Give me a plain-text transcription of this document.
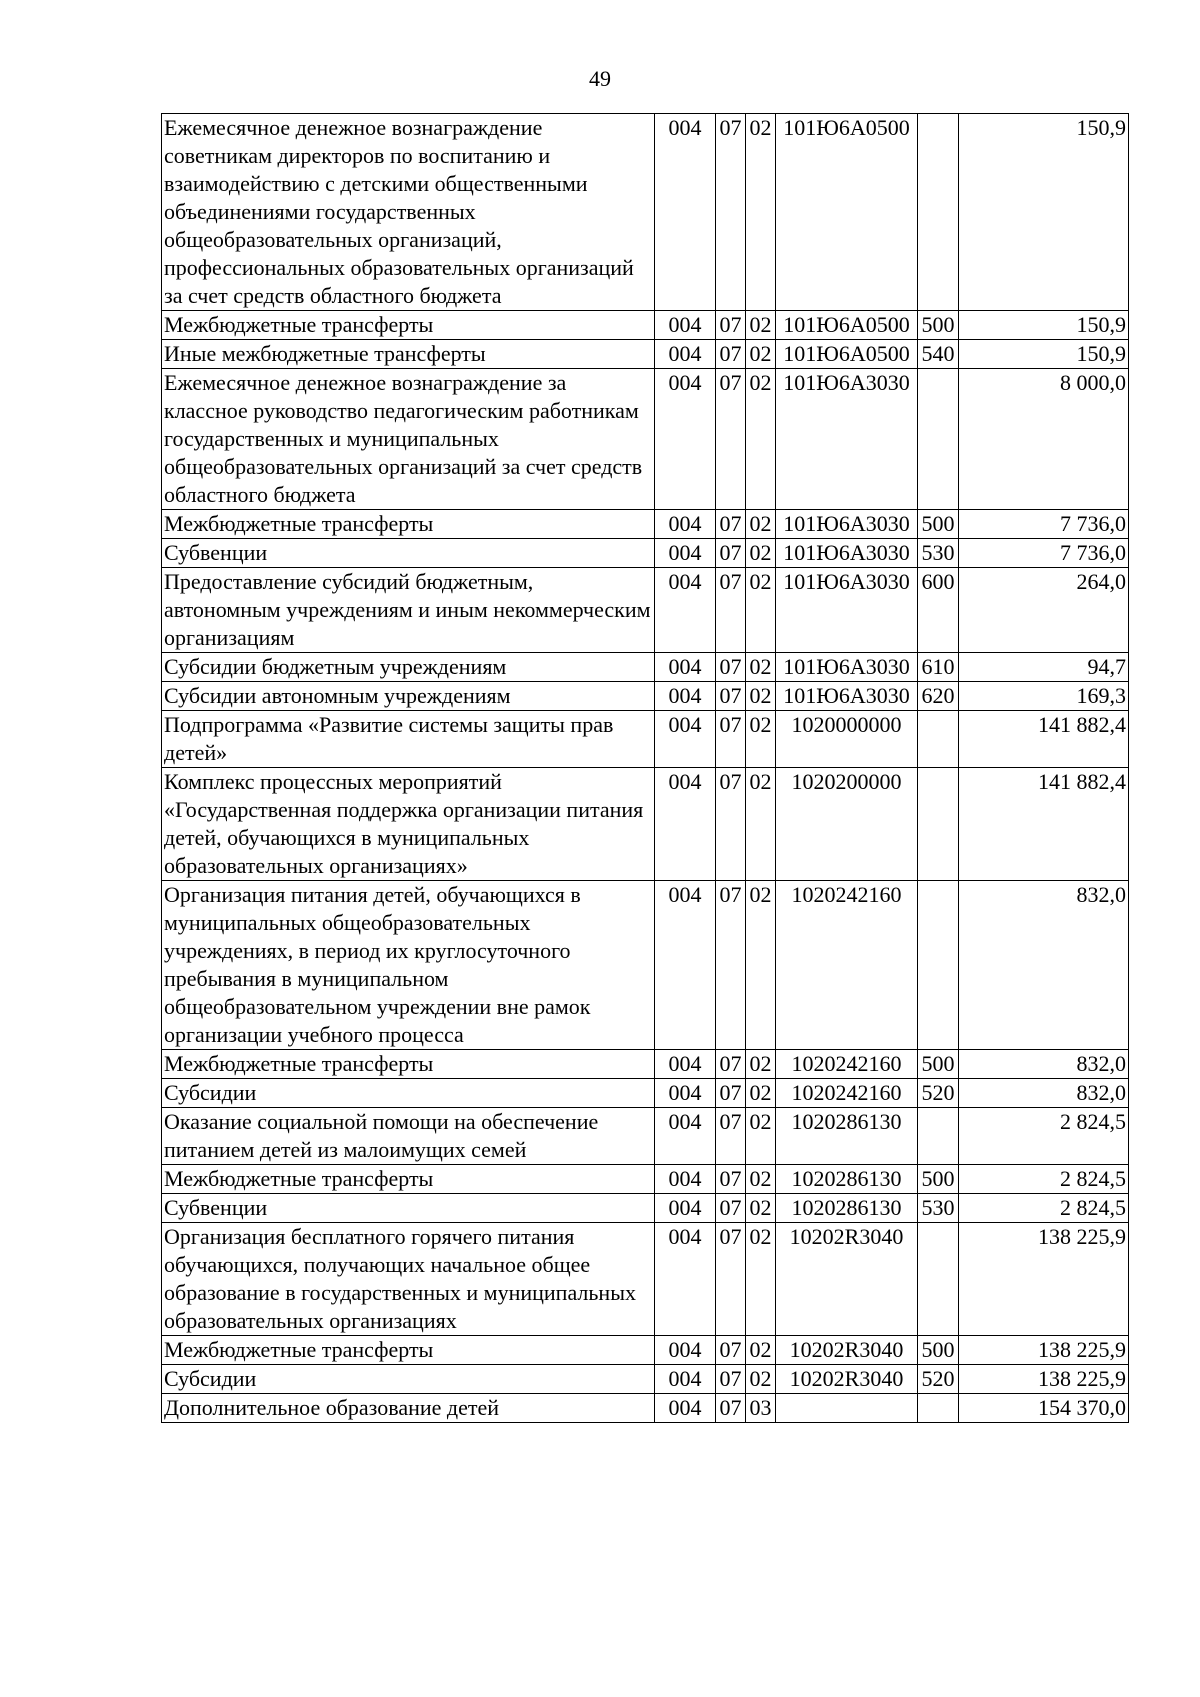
49
Ежемесячное денежное вознаграждение советникам директоров по воспитанию и взаимодействию с детскими общественными объединениями государственных общеобразовательных организаций, профессиональных образовательных организаций за счет средств областного бюджета	004	07	02	101Ю6А0500		150,9
Межбюджетные трансферты	004	07	02	101Ю6А0500	500	150,9
Иные межбюджетные трансферты	004	07	02	101Ю6А0500	540	150,9
Ежемесячное денежное вознаграждение за классное руководство педагогическим работникам государственных и муниципальных общеобразовательных организаций за счет средств областного бюджета	004	07	02	101Ю6А3030		8 000,0
Межбюджетные трансферты	004	07	02	101Ю6А3030	500	7 736,0
Субвенции	004	07	02	101Ю6А3030	530	7 736,0
Предоставление субсидий бюджетным, автономным учреждениям и иным некоммерческим организациям	004	07	02	101Ю6А3030	600	264,0
Субсидии бюджетным учреждениям	004	07	02	101Ю6А3030	610	94,7
Субсидии автономным учреждениям	004	07	02	101Ю6А3030	620	169,3
Подпрограмма «Развитие системы защиты прав детей»	004	07	02	1020000000		141 882,4
Комплекс процессных мероприятий «Государственная поддержка организации питания детей, обучающихся в муниципальных образовательных организациях»	004	07	02	1020200000		141 882,4
Организация питания детей, обучающихся в муниципальных общеобразовательных учреждениях, в период их круглосуточного пребывания в муниципальном общеобразовательном учреждении вне рамок организации учебного процесса	004	07	02	1020242160		832,0
Межбюджетные трансферты	004	07	02	1020242160	500	832,0
Субсидии	004	07	02	1020242160	520	832,0
Оказание социальной помощи на обеспечение питанием детей из малоимущих семей	004	07	02	1020286130		2 824,5
Межбюджетные трансферты	004	07	02	1020286130	500	2 824,5
Субвенции	004	07	02	1020286130	530	2 824,5
Организация бесплатного горячего питания обучающихся, получающих начальное общее образование в государственных и муниципальных образовательных организациях	004	07	02	10202R3040		138 225,9
Межбюджетные трансферты	004	07	02	10202R3040	500	138 225,9
Субсидии	004	07	02	10202R3040	520	138 225,9
Дополнительное образование детей	004	07	03			154 370,0
